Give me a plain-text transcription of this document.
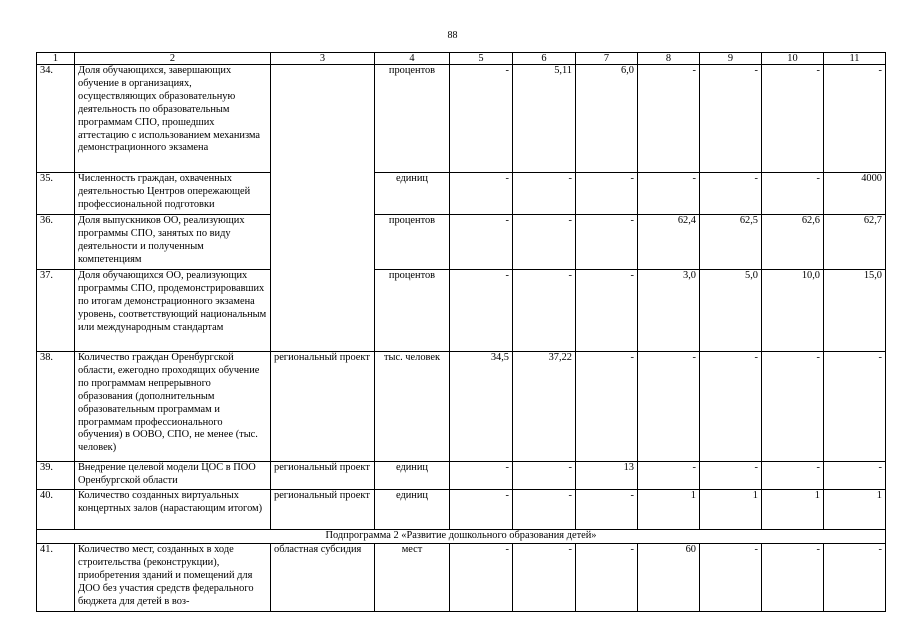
88
1	2	3	4	5	6	7	8	9	10	11
34.	Доля обучающихся, завершающих обучение в организациях, осуществляющих образовательную деятельность по образовательным программам СПО, прошедших аттестацию с использованием механизма демонстрационного экзамена		процентов	-	5,11	6,0	-	-	-	-
35.	Численность граждан, охваченных деятельностью Центров опережающей профессиональной подготовки		единиц	-	-	-	-	-	-	4000
36.	Доля выпускников ОО, реализующих программы СПО, занятых по виду деятельности и полученным компетенциям		процентов	-	-	-	62,4	62,5	62,6	62,7
37.	Доля обучающихся ОО, реализующих программы СПО, продемонстрировавших по итогам демонстрационного экзамена уровень, соответствующий национальным или международным стандартам		процентов	-	-	-	3,0	5,0	10,0	15,0
38.	Количество граждан Оренбургской области, ежегодно проходящих обучение по программам непрерывного образования (дополнительным образовательным программам и программам профессионального обучения) в ООВО, СПО, не менее (тыс. человек)	региональный проект	тыс. человек	34,5	37,22	-	-	-	-	-
39.	Внедрение целевой модели ЦОС в ПОО Оренбургской области	региональный проект	единиц	-	-	13	-	-	-	-
40.	Количество созданных виртуальных концертных залов (нарастающим итогом)	региональный проект	единиц	-	-	-	1	1	1	1
Подпрограмма 2 «Развитие дошкольного образования детей»										
41.	Количество мест, созданных в ходе строительства (реконструкции), приобретения зданий и помещений для ДОО без участия средств федерального бюджета для детей в воз-	областная субсидия	мест	-	-	-	60	-	-	-
